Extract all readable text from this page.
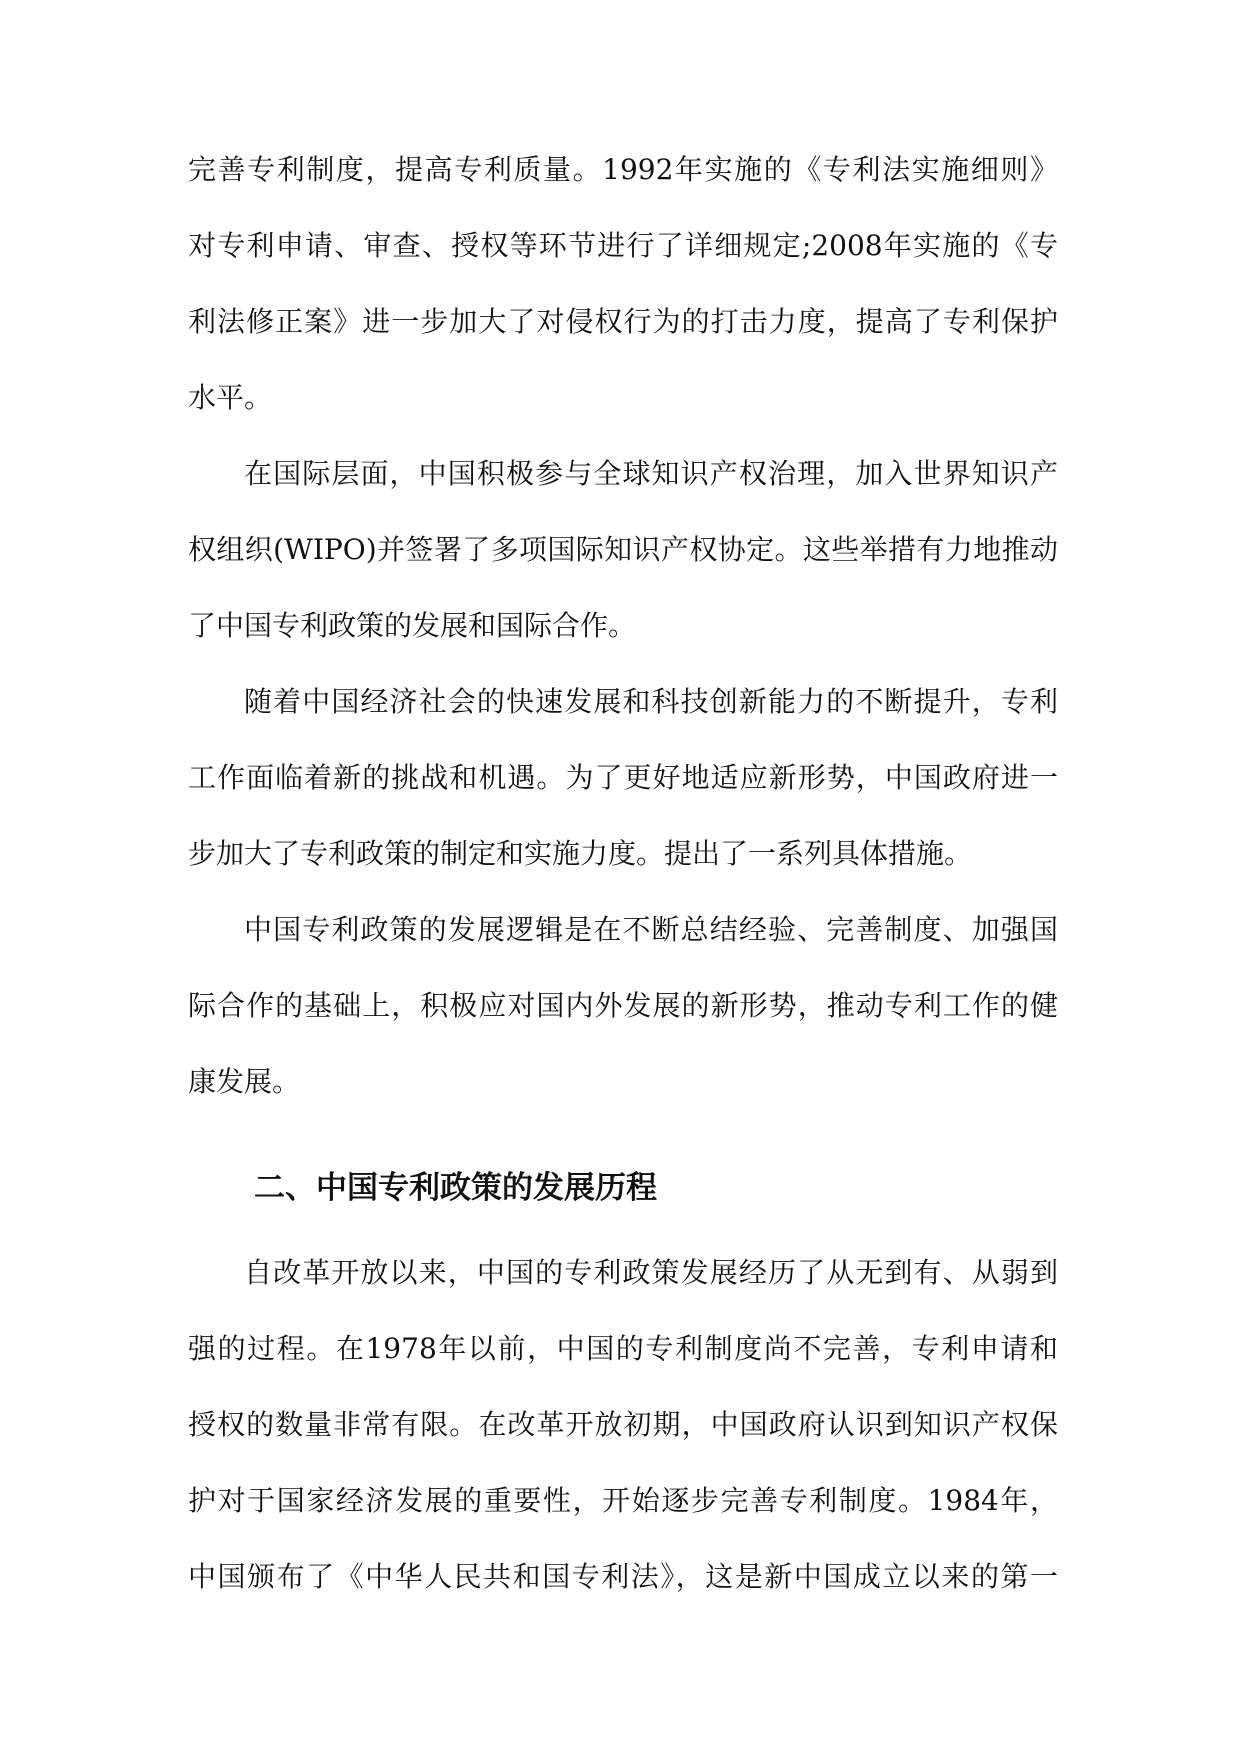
完善专利制度，提高专利质量。1992年实施的《专利法实施细则》
对专利申请、审查、授权等环节进行了详细规定;2008年实施的《专
利法修正案》进一步加大了对侵权行为的打击力度，提高了专利保护
水平。
在国际层面，中国积极参与全球知识产权治理，加入世界知识产
权组织(WIPO)并签署了多项国际知识产权协定。这些举措有力地推动
了中国专利政策的发展和国际合作。
随着中国经济社会的快速发展和科技创新能力的不断提升，专利
工作面临着新的挑战和机遇。为了更好地适应新形势，中国政府进一
步加大了专利政策的制定和实施力度。提出了一系列具体措施。
中国专利政策的发展逻辑是在不断总结经验、完善制度、加强国
际合作的基础上，积极应对国内外发展的新形势，推动专利工作的健
康发展。
二、中国专利政策的发展历程
自改革开放以来，中国的专利政策发展经历了从无到有、从弱到
强的过程。在1978年以前，中国的专利制度尚不完善，专利申请和
授权的数量非常有限。在改革开放初期，中国政府认识到知识产权保
护对于国家经济发展的重要性，开始逐步完善专利制度。1984年，
中国颁布了《中华人民共和国专利法》，这是新中国成立以来的第一
